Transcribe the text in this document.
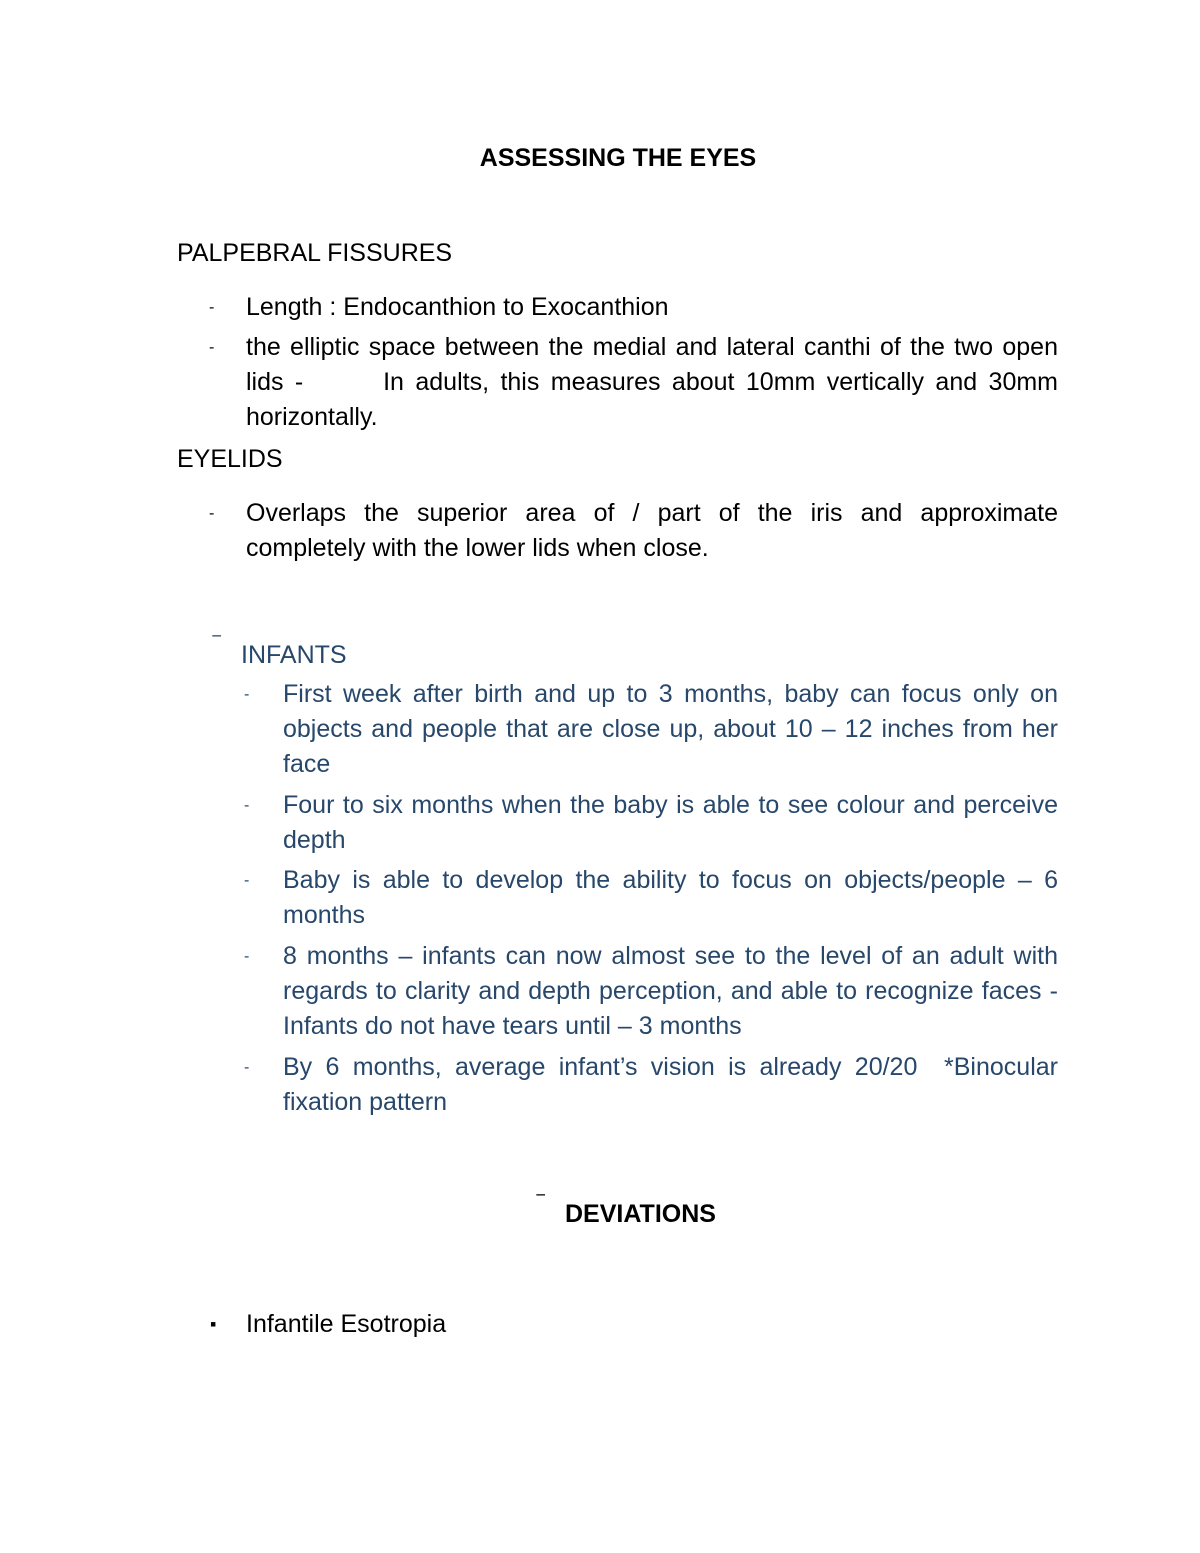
ASSESSING THE EYES
PALPEBRAL FISSURES
- Length : Endocanthion to Exocanthion
- the elliptic space between the medial and lateral canthi of the two open lids -       In adults, this measures about 10mm vertically and 30mm horizontally.
EYELIDS
- Overlaps the superior area of / part of the iris and approximate completely with the lower lids when close.
‾ INFANTS
- First week after birth and up to 3 months, baby can focus only on objects and people that are close up, about 10 – 12 inches from her face
- Four to six months when the baby is able to see colour and perceive depth
- Baby is able to develop the ability to focus on objects/people – 6 months
- 8 months – infants can now almost see to the level of an adult with regards to clarity and depth perception, and able to recognize faces - Infants do not have tears until – 3 months
- By 6 months, average infant’s vision is already 20/20  *Binocular fixation pattern
‾ DEVIATIONS
▪ Infantile Esotropia
